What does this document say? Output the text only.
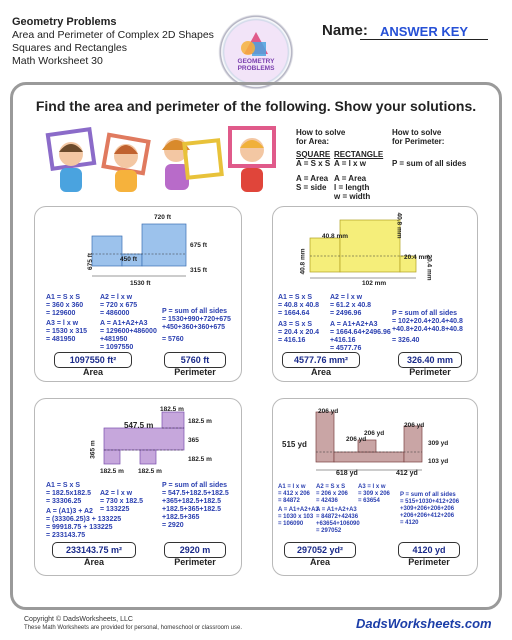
Geometry Problems
Area and Perimeter of Complex 2D Shapes
Squares and Rectangles
Math Worksheet 30	GEOMETRY
PROBLEMS
Name: ANSWER KEY
Find the area and perimeter of the following. Show your solutions.
How to solve
for Area:
SQUARE
A = S x S
RECTANGLE
A = l x w
A = Area
S = side
A = Area
l = length
w = width
How to solve
for Perimeter:
P = sum of all sides
720 ft
675 ft
675 ft	450 ft
315 ft
1530 ft
A1 = S x S
= 360 x 360
= 129600
A3 = l x w
= 1530 x 315
= 481950
A2 = l x w
= 720 x 675
= 486000
A = A1+A2+A3
= 129600+486000
+481950
= 1097550
P = sum of all sides
= 1530+990+720+675
+450+360+360+675
= 5760
1097550 ft²	5760 ft
Area	Perimeter
40.8 mm	40.8 mm
40.8 mm	20.4 mm
20.4 mm
102 mm
A1 = S x S
= 40.8 x 40.8
= 1664.64
A3 = S x S
= 20.4 x 20.4
= 416.16
A2 = l x w
= 61.2 x 40.8
= 2496.96
A = A1+A2+A3
= 1664.64+2496.96
+416.16
= 4577.76
P = sum of all sides
= 102+20.4+20.4+40.8
+40.8+20.4+40.8+40.8
= 326.40
4577.76 mm²	326.40 mm
Area	Perimeter
182.5 m
547.5 m
365 m
182.5 m
365
182.5 m
182.5 m 182.5 m
A1 = S x S
= 182.5x182.5
= 33306.25
A = (A1)3 + A2
= (33306.25)3 + 133225
= 99918.75 + 133225
= 233143.75
A2 = l x w
= 730 x 182.5
= 133225
P = sum of all sides
= 547.5+182.5+182.5
+365+182.5+182.5
+182.5+365+182.5
+182.5+365
= 2920
233143.75 m²	2920 m
Area	Perimeter
206 yd
206 yd
206 yd
206 yd
515 yd	309 yd
103 yd
618 yd	412 yd
A1 = l x w
= 412 x 206
= 84872
A = A1+A2+A3
= 1030 x 103
= 106090
A2 = S x S
= 206 x 206
= 42436
A = A1+A2+A3
= 84872+42436
+63654+106090
= 297052
A3 = l x w
= 309 x 206
= 63654
P = sum of all sides
= 515+1030+412+206
+309+206+206+206
+206+206+412+206
= 4120
297052 yd²	4120 yd
Area	Perimeter
Copyright © DadsWorksheets, LLC
These Math Worksheets are provided for personal, homeschool or classroom use.	DadsWorksheets.com
